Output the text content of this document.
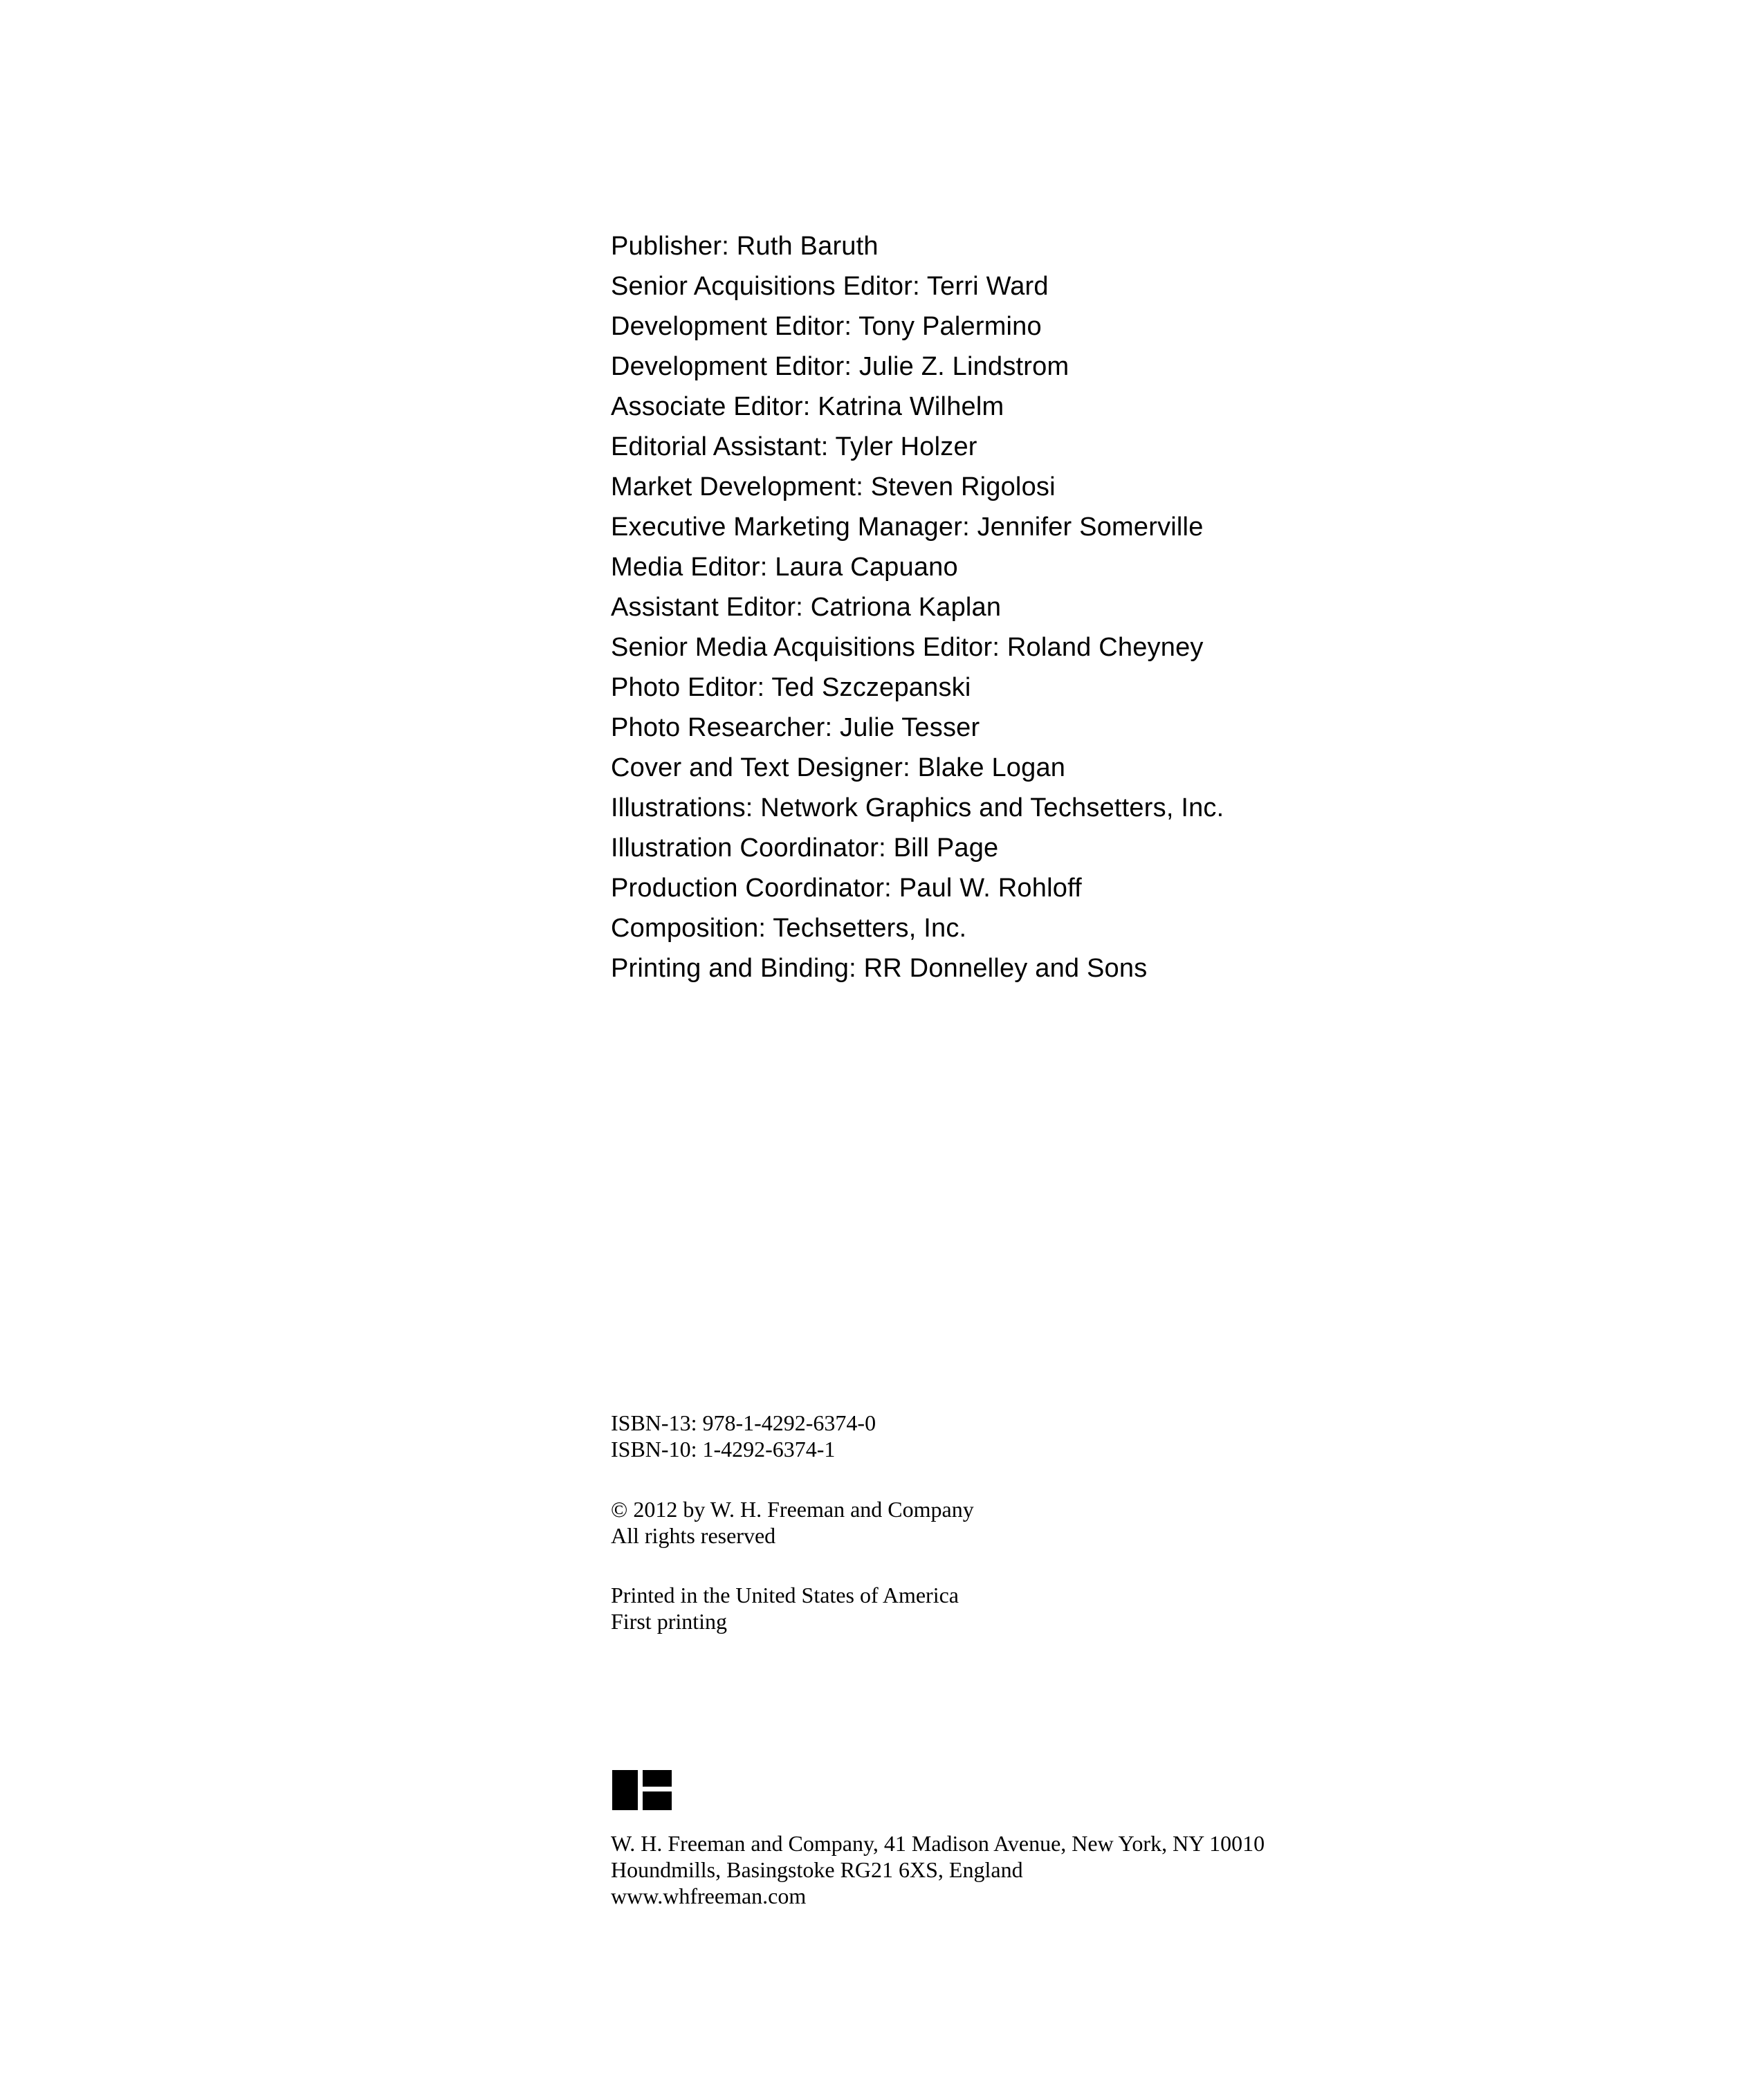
Publisher: Ruth Baruth
Senior Acquisitions Editor: Terri Ward
Development Editor: Tony Palermino
Development Editor: Julie Z. Lindstrom
Associate Editor: Katrina Wilhelm
Editorial Assistant: Tyler Holzer
Market Development: Steven Rigolosi
Executive Marketing Manager: Jennifer Somerville
Media Editor: Laura Capuano
Assistant Editor: Catriona Kaplan
Senior Media Acquisitions Editor: Roland Cheyney
Photo Editor: Ted Szczepanski
Photo Researcher: Julie Tesser
Cover and Text Designer: Blake Logan
Illustrations: Network Graphics and Techsetters, Inc.
Illustration Coordinator: Bill Page
Production Coordinator: Paul W. Rohloff
Composition: Techsetters, Inc.
Printing and Binding: RR Donnelley and Sons
ISBN-13: 978-1-4292-6374-0
ISBN-10: 1-4292-6374-1
© 2012 by W. H. Freeman and Company
All rights reserved
Printed in the United States of America
First printing
W. H. Freeman and Company, 41 Madison Avenue, New York, NY 10010
Houndmills, Basingstoke RG21 6XS, England
www.whfreeman.com
